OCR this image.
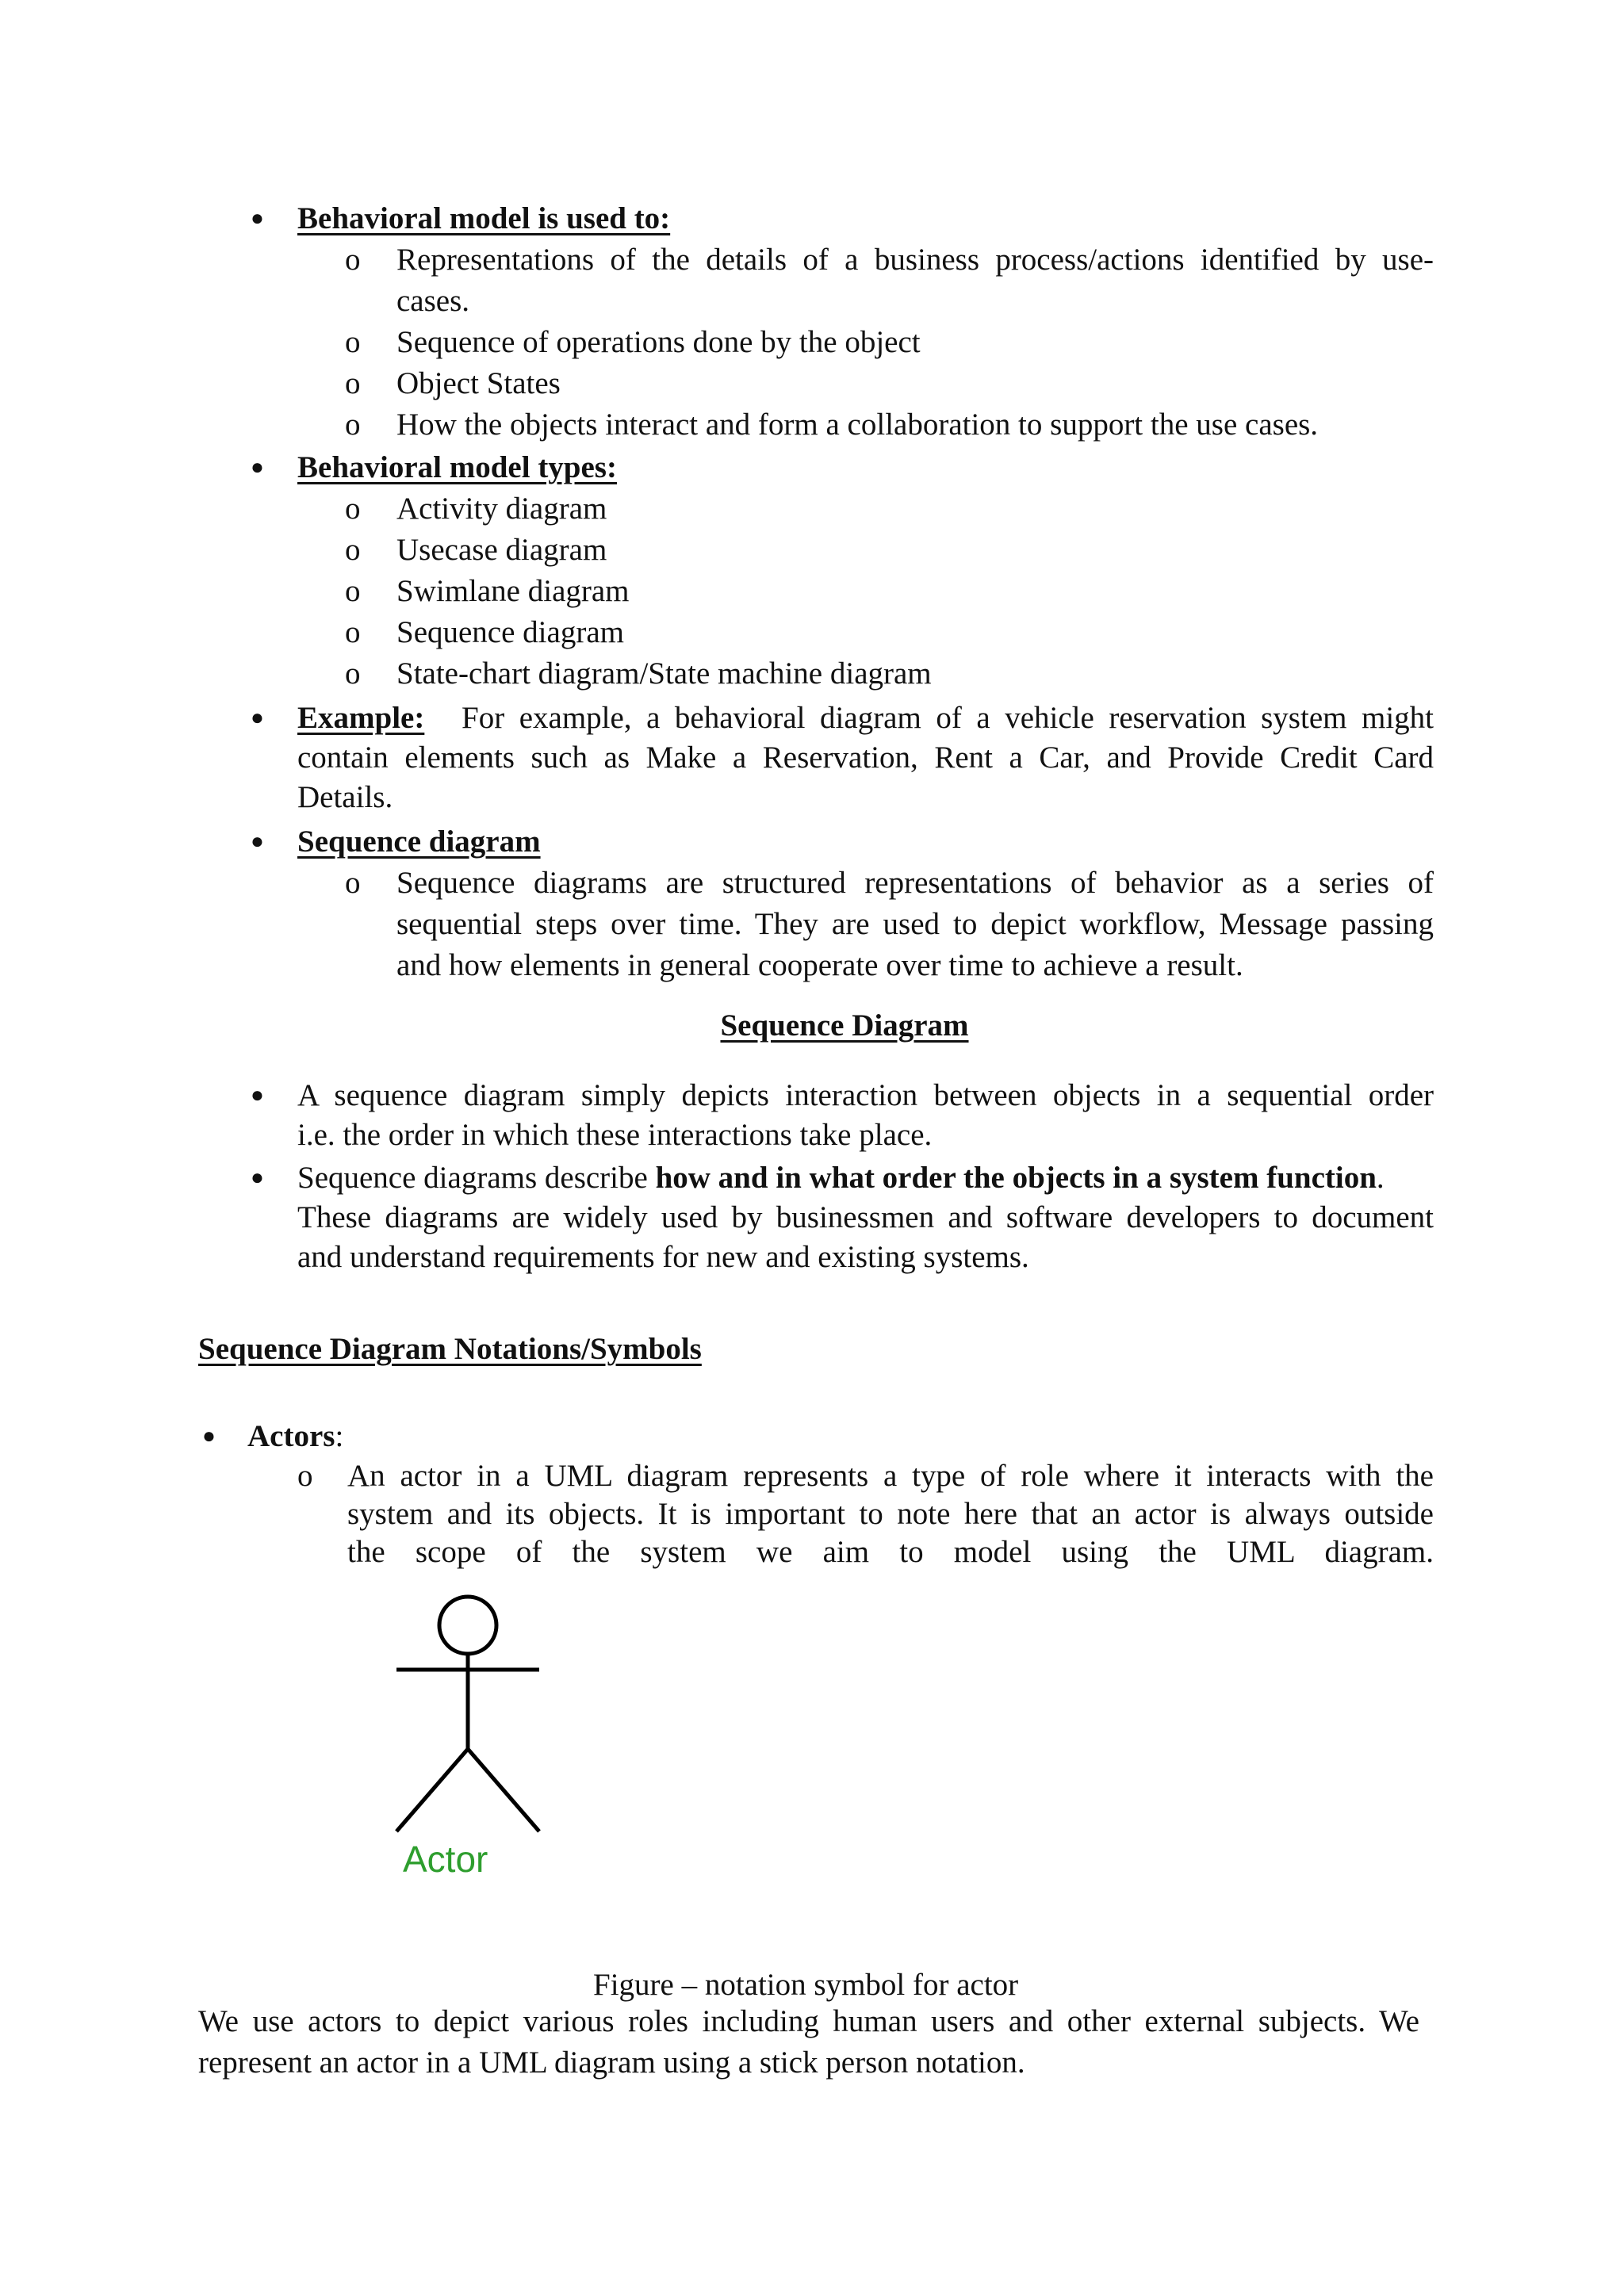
● Behavioral model is used to:
o Representations of the details of a business process/actions identified by use-
cases.
o Sequence of operations done by the object
o Object States
o How the objects interact and form a collaboration to support the use cases.
● Behavioral model types:
o Activity diagram
o Usecase diagram
o Swimlane diagram
o Sequence diagram
o State-chart diagram/State machine diagram
● Example: For example, a behavioral diagram of a vehicle reservation system might
contain elements such as Make a Reservation, Rent a Car, and Provide Credit Card
Details.
● Sequence diagram
o Sequence diagrams are structured representations of behavior as a series of
sequential steps over time. They are used to depict workflow, Message passing
and how elements in general cooperate over time to achieve a result.
Sequence Diagram
● A sequence diagram simply depicts interaction between objects in a sequential order
i.e. the order in which these interactions take place.
● Sequence diagrams describe how and in what order the objects in a system function.
These diagrams are widely used by businessmen and software developers to document
and understand requirements for new and existing systems.
Sequence Diagram Notations/Symbols
● Actors:
o An actor in a UML diagram represents a type of role where it interacts with the
system and its objects. It is important to note here that an actor is always outside
the scope of the system we aim to model using the UML diagram.
Actor
Figure – notation symbol for actor
We use actors to depict various roles including human users and other external subjects. We
represent an actor in a UML diagram using a stick person notation.
